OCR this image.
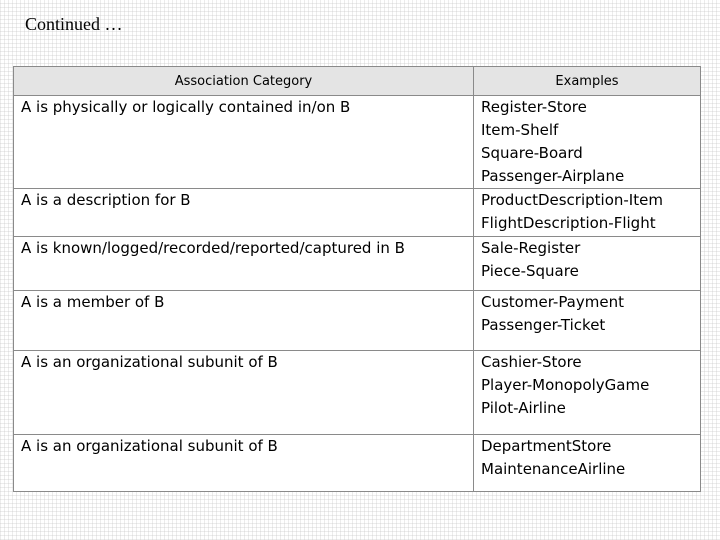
Continued …
Association Category	Examples

A is physically or logically contained in/on B	Register-Store
Item-Shelf
Square-Board
Passenger-Airplane

A is a description for B	ProductDescription-Item
FlightDescription-Flight

A is known/logged/recorded/reported/captured in B	Sale-Register
Piece-Square

A is a member of B	Customer-Payment
Passenger-Ticket

A is an organizational subunit of B	Cashier-Store
Player-MonopolyGame
Pilot-Airline

A is an organizational subunit of B	DepartmentStore
MaintenanceAirline
